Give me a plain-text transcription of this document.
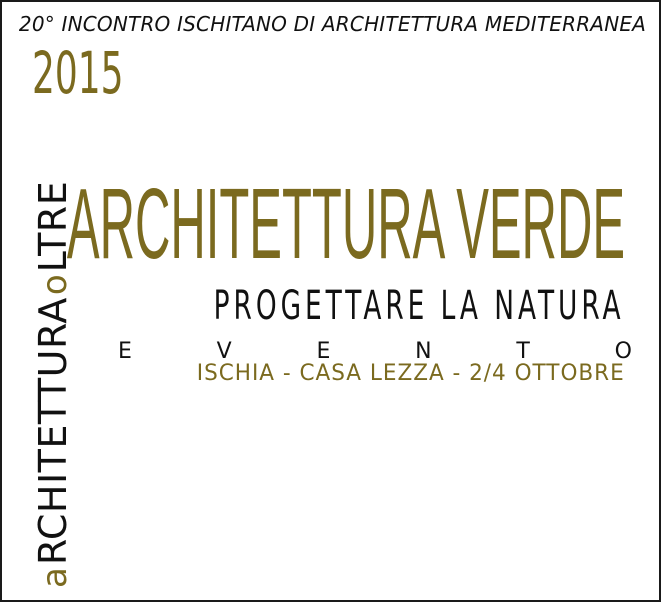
20° INCONTRO ISCHITANO DI ARCHITETTURA MEDITERRANEA
2015
a
RCHITETTURA
o
LTRE
ARCHITETTURA VERDE
PROGETTARE LA NATURA
E	V	E	N	T	O
ISCHIA - CASA LEZZA - 2/4 OTTOBRE
